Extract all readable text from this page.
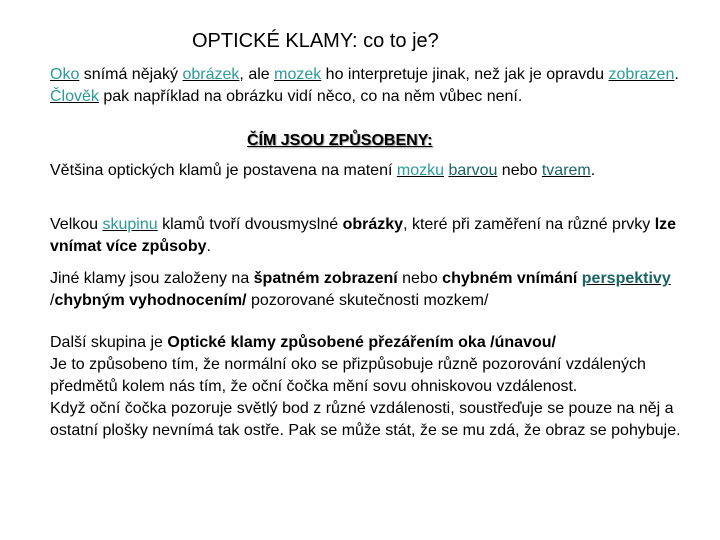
OPTICKÉ KLAMY: co to je?
Oko snímá nějaký obrázek, ale mozek ho interpretuje jinak, než jak je opravdu zobrazen. Člověk pak například na obrázku vidí něco, co na něm vůbec není.
ČÍM JSOU ZPŮSOBENY:
Většina optických klamů je postavena na matení mozku barvou nebo tvarem.
Velkou skupinu klamů tvoří dvousmyslné obrázky, které při zaměření na různé prvky lze vnímat více způsoby.
Jiné klamy jsou založeny na špatném zobrazení nebo chybném vnímání perspektivy /chybným vyhodnocením/ pozorované skutečnosti mozkem/
Další skupina je Optické klamy způsobené přezářením oka /únavou/
Je to způsobeno tím, že normální oko se přizpůsobuje různě pozorování vzdálených předmětů kolem nás tím, že oční čočka mění sovu ohniskovou vzdálenost.
Když oční čočka pozoruje světlý bod z různé vzdálenosti, soustřeďuje se pouze na něj a ostatní plošky nevnímá tak ostře. Pak se může stát, že se mu zdá, že obraz se pohybuje.
